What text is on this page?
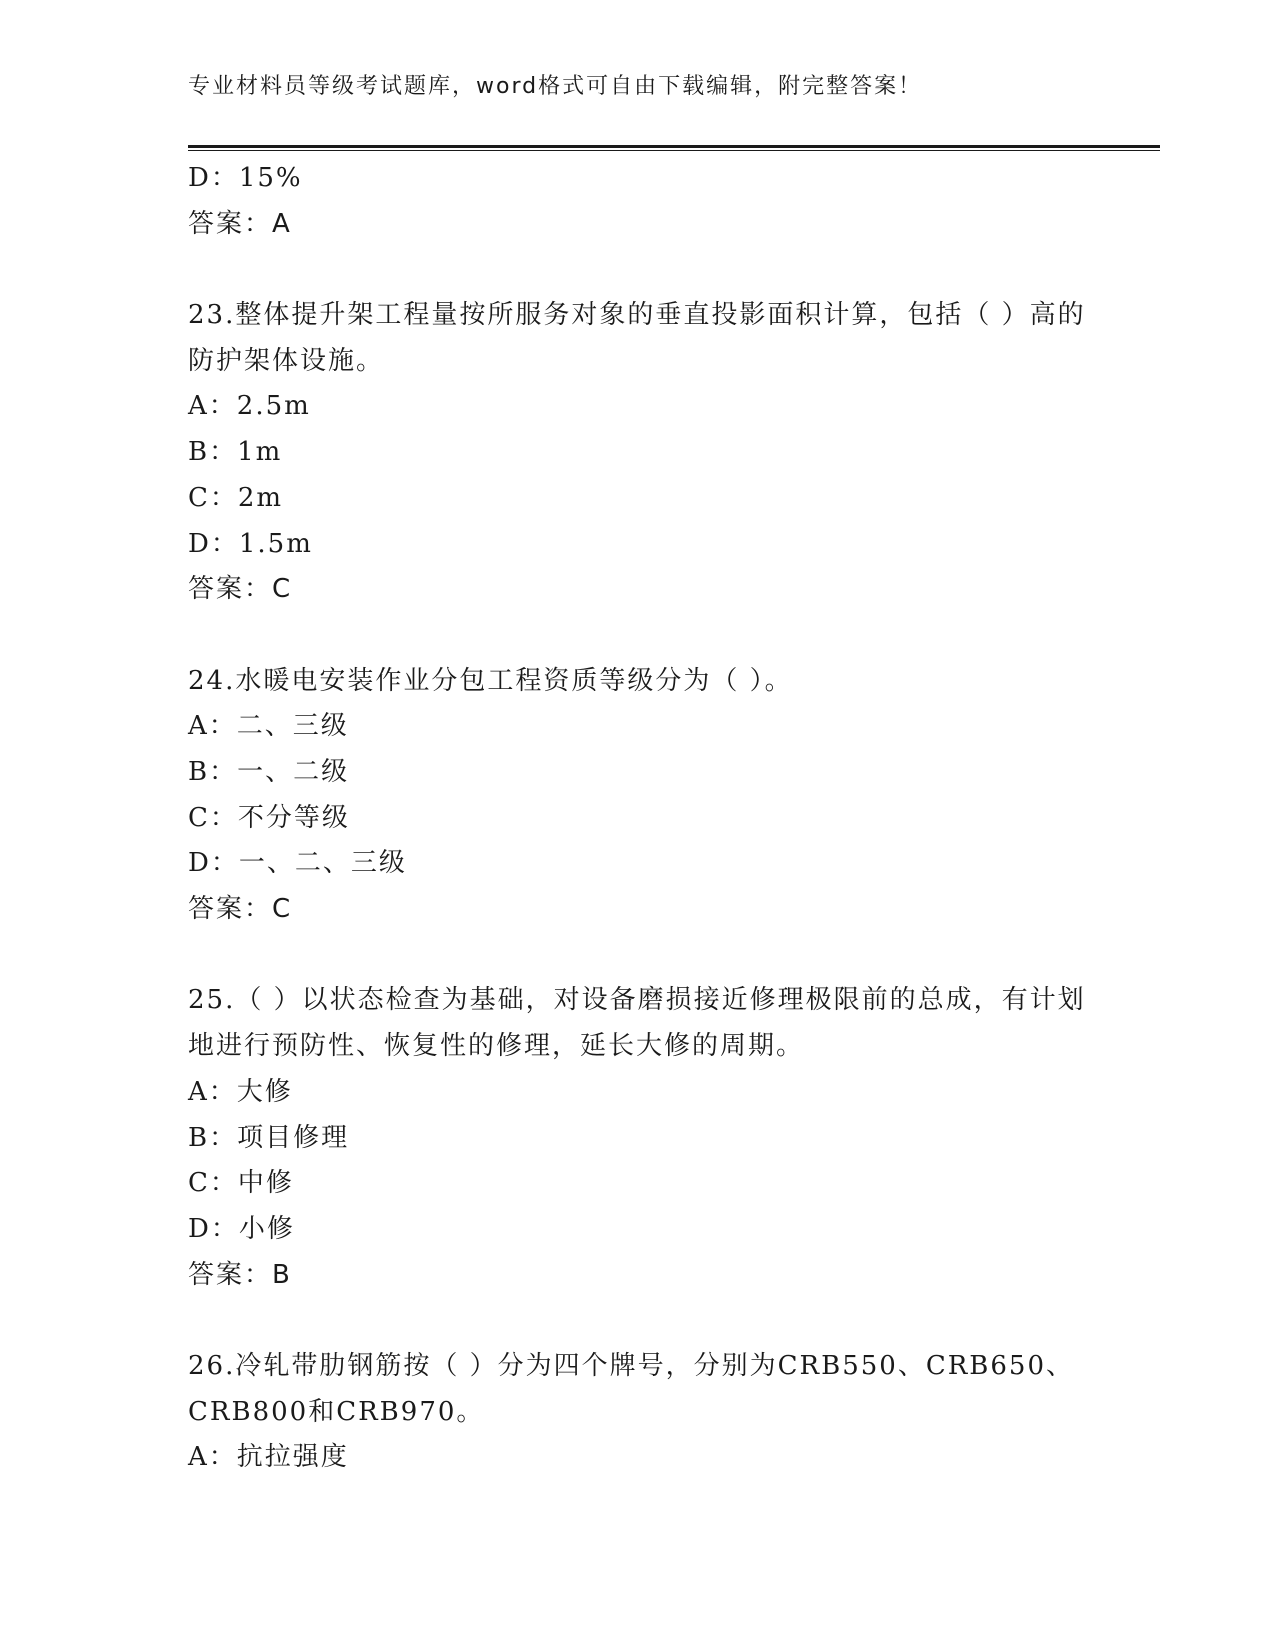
专业材料员等级考试题库，word格式可自由下载编辑，附完整答案！
D：15%
答案：A
23.整体提升架工程量按所服务对象的垂直投影面积计算，包括（ ）高的防护架体设施。
A：2.5m
B：1m
C：2m
D：1.5m
答案：C
24.水暖电安装作业分包工程资质等级分为（ ）。
A：二、三级
B：一、二级
C：不分等级
D：一、二、三级
答案：C
25.（ ）以状态检查为基础，对设备磨损接近修理极限前的总成，有计划地进行预防性、恢复性的修理，延长大修的周期。
A：大修
B：项目修理
C：中修
D：小修
答案：B
26.冷轧带肋钢筋按（ ）分为四个牌号，分别为CRB550、CRB650、CRB800和CRB970。
A：抗拉强度
